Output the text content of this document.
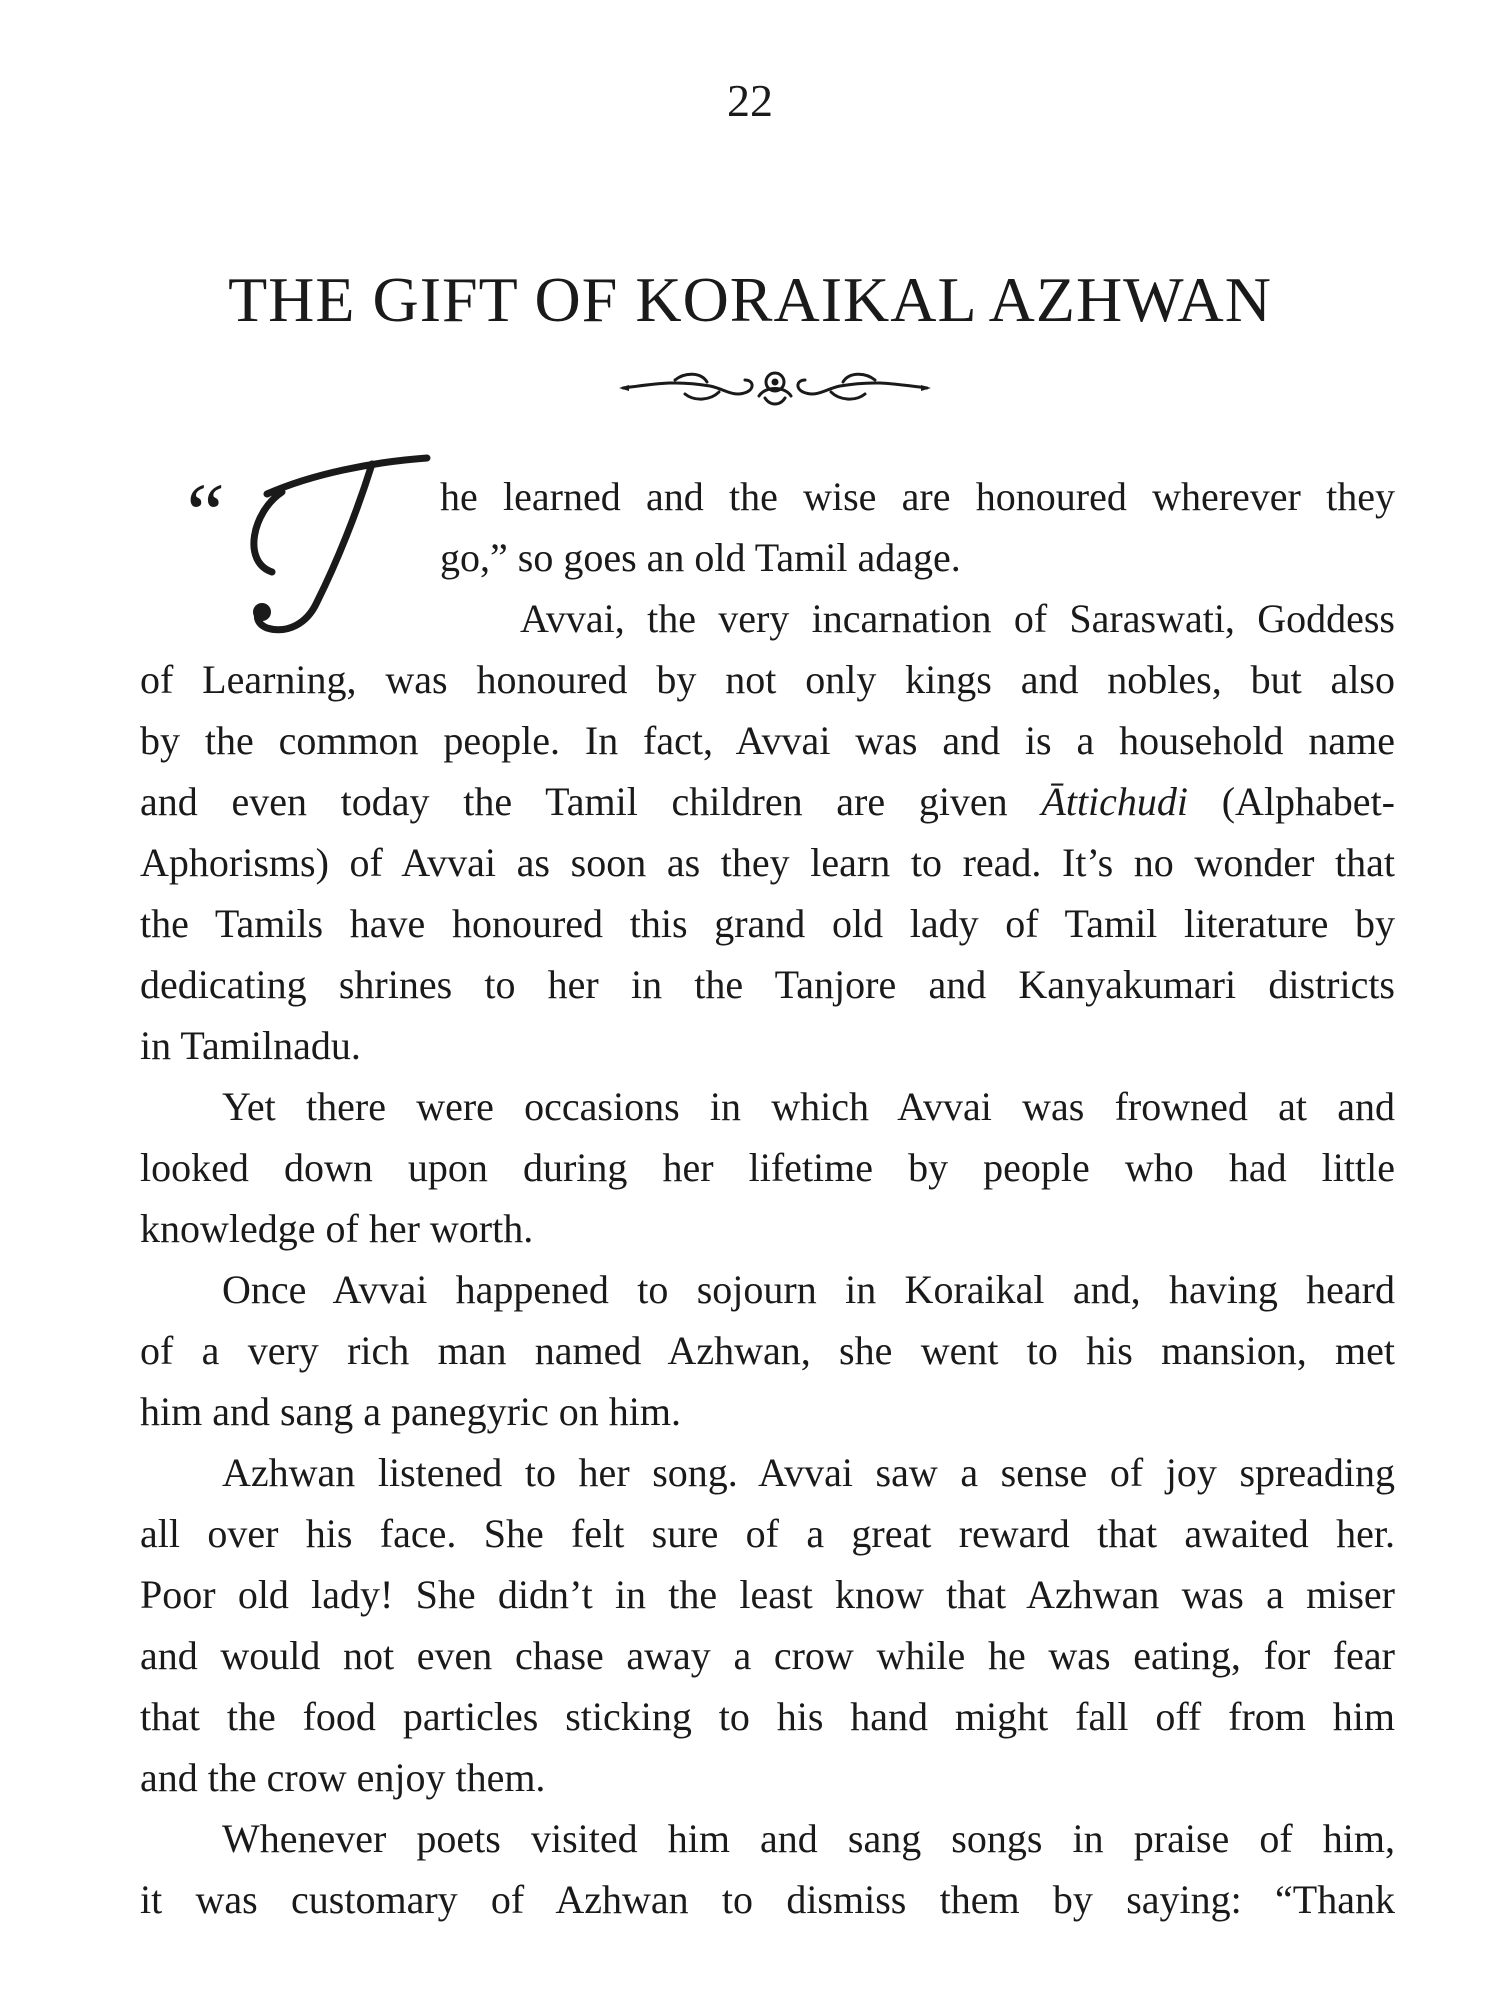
22
THE GIFT OF KORAIKAL AZHWAN
“	he learned and the wise are honoured wherever they
go,” so goes an old Tamil adage.
Avvai, the very incarnation of Saraswati, Goddess
of Learning, was honoured by not only kings and nobles, but also
by the common people. In fact, Avvai was and is a household name
and even today the Tamil children are given Āttichudi (Alphabet-
Aphorisms) of Avvai as soon as they learn to read. It’s no wonder that
the Tamils have honoured this grand old lady of Tamil literature by
dedicating shrines to her in the Tanjore and Kanyakumari districts
in Tamilnadu.
Yet there were occasions in which Avvai was frowned at and
looked down upon during her lifetime by people who had little
knowledge of her worth.
Once Avvai happened to sojourn in Koraikal and, having heard
of a very rich man named Azhwan, she went to his mansion, met
him and sang a panegyric on him.
Azhwan listened to her song. Avvai saw a sense of joy spreading
all over his face. She felt sure of a great reward that awaited her.
Poor old lady! She didn’t in the least know that Azhwan was a miser
and would not even chase away a crow while he was eating, for fear
that the food particles sticking to his hand might fall off from him
and the crow enjoy them.
Whenever poets visited him and sang songs in praise of him,
it was customary of Azhwan to dismiss them by saying: “Thank
